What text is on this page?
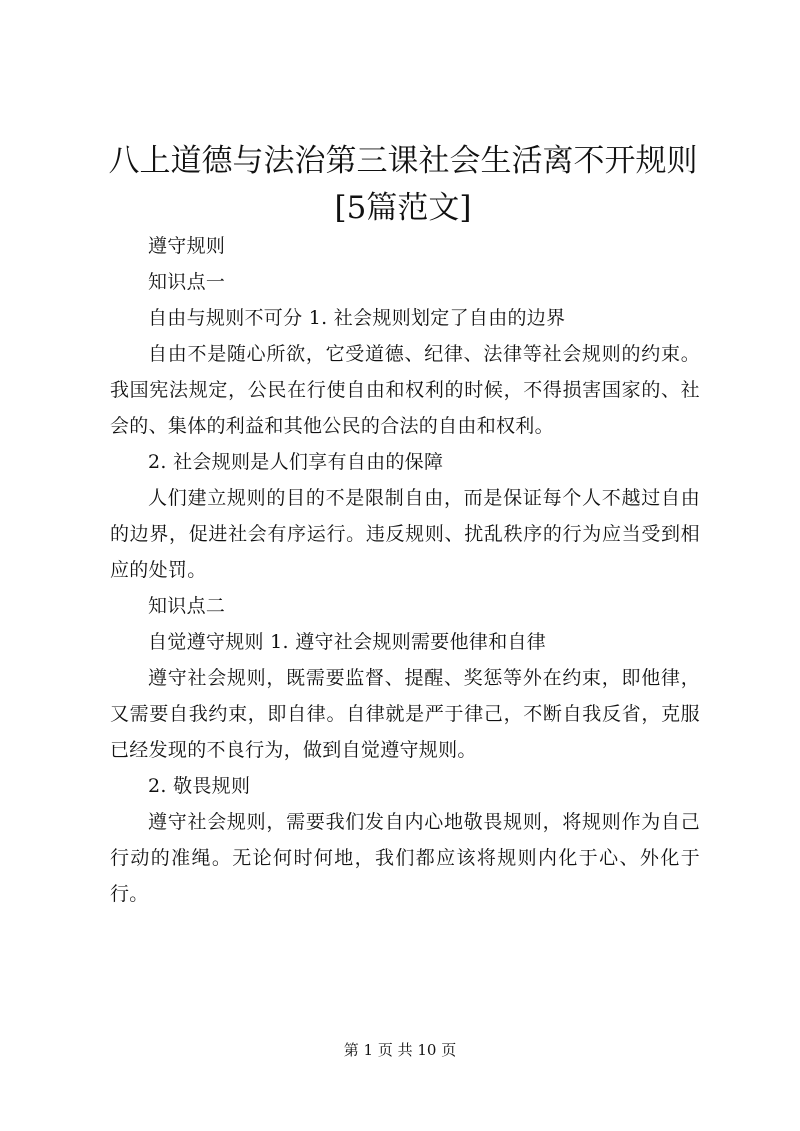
八上道德与法治第三课社会生活离不开规则[5篇范文]

遵守规则

知识点一

自由与规则不可分 1. 社会规则划定了自由的边界

自由不是随心所欲，它受道德、纪律、法律等社会规则的约束。我国宪法规定，公民在行使自由和权利的时候，不得损害国家的、社会的、集体的利益和其他公民的合法的自由和权利。

2. 社会规则是人们享有自由的保障

人们建立规则的目的不是限制自由，而是保证每个人不越过自由的边界，促进社会有序运行。违反规则、扰乱秩序的行为应当受到相应的处罚。

知识点二

自觉遵守规则 1. 遵守社会规则需要他律和自律

遵守社会规则，既需要监督、提醒、奖惩等外在约束，即他律，又需要自我约束，即自律。自律就是严于律己，不断自我反省，克服已经发现的不良行为，做到自觉遵守规则。

2. 敬畏规则

遵守社会规则，需要我们发自内心地敬畏规则，将规则作为自己行动的准绳。无论何时何地，我们都应该将规则内化于心、外化于行。

第 1 页 共 10 页
